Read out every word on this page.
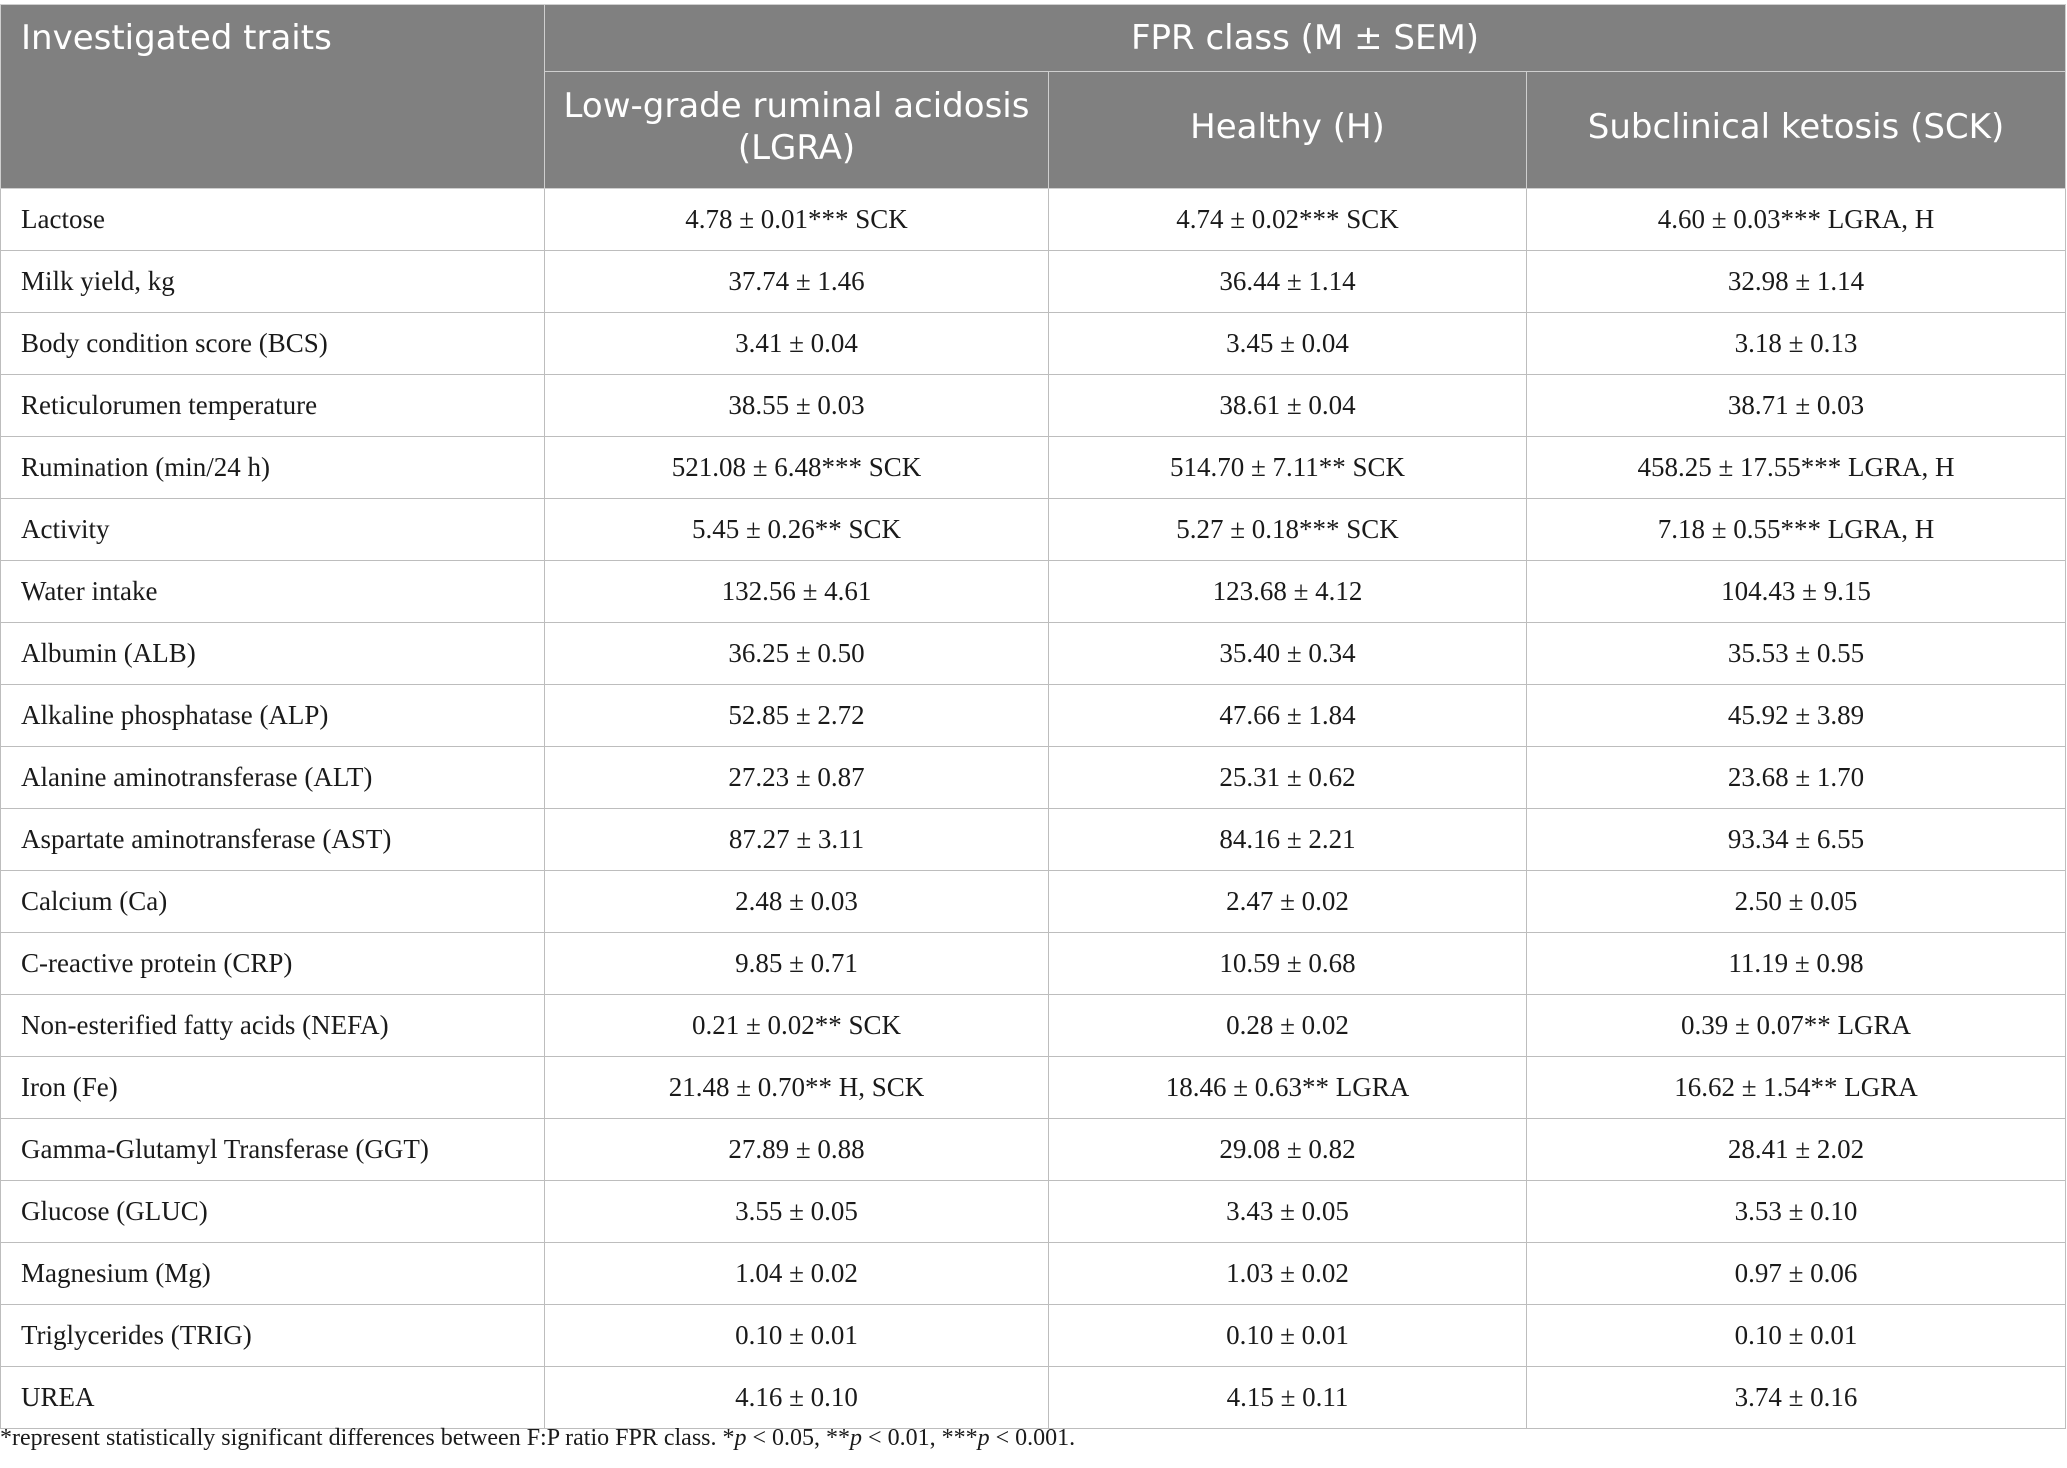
Investigated traits	FPR class (M ± SEM)		
	Low-grade ruminal acidosis (LGRA)	Healthy (H)	Subclinical ketosis (SCK)
Lactose	4.78 ± 0.01*** SCK	4.74 ± 0.02*** SCK	4.60 ± 0.03*** LGRA, H
Milk yield, kg	37.74 ± 1.46	36.44 ± 1.14	32.98 ± 1.14
Body condition score (BCS)	3.41 ± 0.04	3.45 ± 0.04	3.18 ± 0.13
Reticulorumen temperature	38.55 ± 0.03	38.61 ± 0.04	38.71 ± 0.03
Rumination (min/24 h)	521.08 ± 6.48*** SCK	514.70 ± 7.11** SCK	458.25 ± 17.55*** LGRA, H
Activity	5.45 ± 0.26** SCK	5.27 ± 0.18*** SCK	7.18 ± 0.55*** LGRA, H
Water intake	132.56 ± 4.61	123.68 ± 4.12	104.43 ± 9.15
Albumin (ALB)	36.25 ± 0.50	35.40 ± 0.34	35.53 ± 0.55
Alkaline phosphatase (ALP)	52.85 ± 2.72	47.66 ± 1.84	45.92 ± 3.89
Alanine aminotransferase (ALT)	27.23 ± 0.87	25.31 ± 0.62	23.68 ± 1.70
Aspartate aminotransferase (AST)	87.27 ± 3.11	84.16 ± 2.21	93.34 ± 6.55
Calcium (Ca)	2.48 ± 0.03	2.47 ± 0.02	2.50 ± 0.05
C-reactive protein (CRP)	9.85 ± 0.71	10.59 ± 0.68	11.19 ± 0.98
Non-esterified fatty acids (NEFA)	0.21 ± 0.02** SCK	0.28 ± 0.02	0.39 ± 0.07** LGRA
Iron (Fe)	21.48 ± 0.70** H, SCK	18.46 ± 0.63** LGRA	16.62 ± 1.54** LGRA
Gamma-Glutamyl Transferase (GGT)	27.89 ± 0.88	29.08 ± 0.82	28.41 ± 2.02
Glucose (GLUC)	3.55 ± 0.05	3.43 ± 0.05	3.53 ± 0.10
Magnesium (Mg)	1.04 ± 0.02	1.03 ± 0.02	0.97 ± 0.06
Triglycerides (TRIG)	0.10 ± 0.01	0.10 ± 0.01	0.10 ± 0.01
UREA	4.16 ± 0.10	4.15 ± 0.11	3.74 ± 0.16
*represent statistically significant differences between F:P ratio FPR class. *p < 0.05, **p < 0.01, ***p < 0.001.
